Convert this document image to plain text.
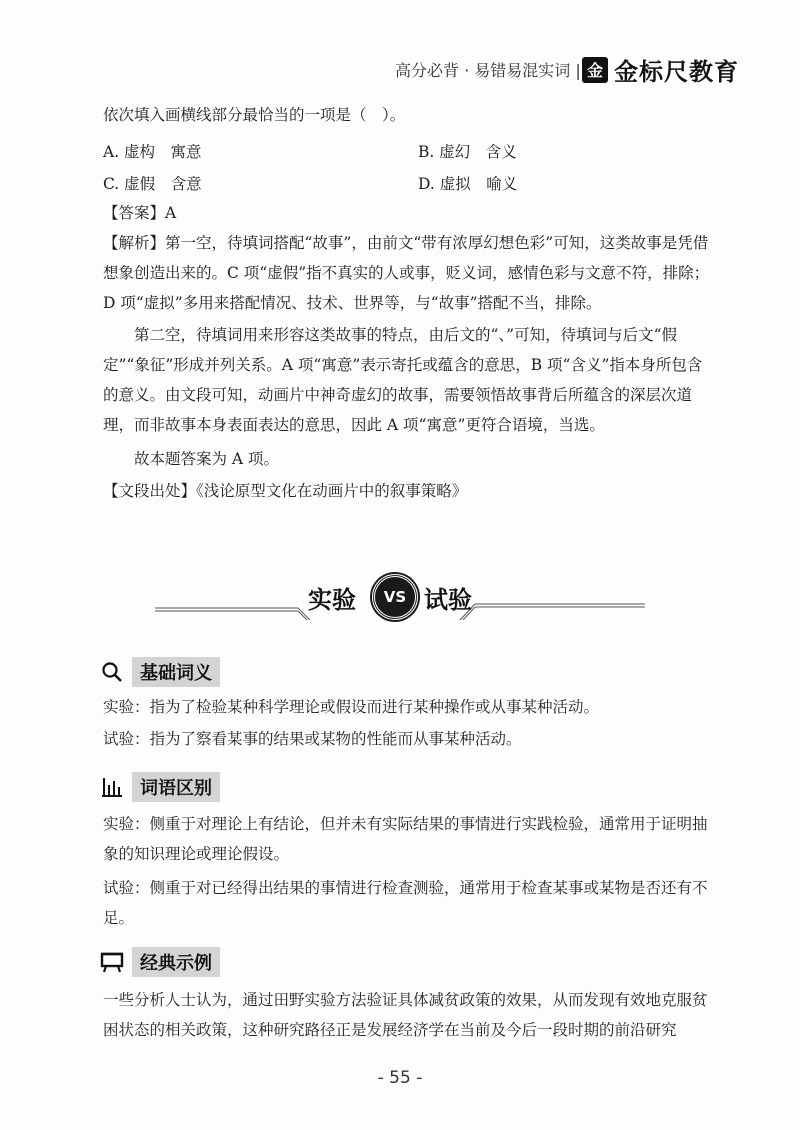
高分必背 · 易错易混实词 | 金 金标尺教育
依次填入画横线部分最恰当的一项是（　）。
A. 虚构　寓意	B. 虚幻　含义
C. 虚假　含意	D. 虚拟　喻义
【答案】A
【解析】第一空，待填词搭配“故事”，由前文“带有浓厚幻想色彩”可知，这类故事是凭借想象创造出来的。C 项“虚假”指不真实的人或事，贬义词，感情色彩与文意不符，排除；D 项“虚拟”多用来搭配情况、技术、世界等，与“故事”搭配不当，排除。
第二空，待填词用来形容这类故事的特点，由后文的“、”可知，待填词与后文“假定”“象征”形成并列关系。A 项“寓意”表示寄托或蕴含的意思，B 项“含义”指本身所包含的意义。由文段可知，动画片中神奇虚幻的故事，需要领悟故事背后所蕴含的深层次道理，而非故事本身表面表达的意思，因此 A 项“寓意”更符合语境，当选。
故本题答案为 A 项。
【文段出处】《浅论原型文化在动画片中的叙事策略》
实验	VS 试验
基础词义
实验：指为了检验某种科学理论或假设而进行某种操作或从事某种活动。
试验：指为了察看某事的结果或某物的性能而从事某种活动。
词语区别
实验：侧重于对理论上有结论，但并未有实际结果的事情进行实践检验，通常用于证明抽象的知识理论或理论假设。
试验：侧重于对已经得出结果的事情进行检查测验，通常用于检查某事或某物是否还有不足。
经典示例
一些分析人士认为，通过田野实验方法验证具体减贫政策的效果，从而发现有效地克服贫困状态的相关政策，这种研究路径正是发展经济学在当前及今后一段时期的前沿研究
- 55 -
